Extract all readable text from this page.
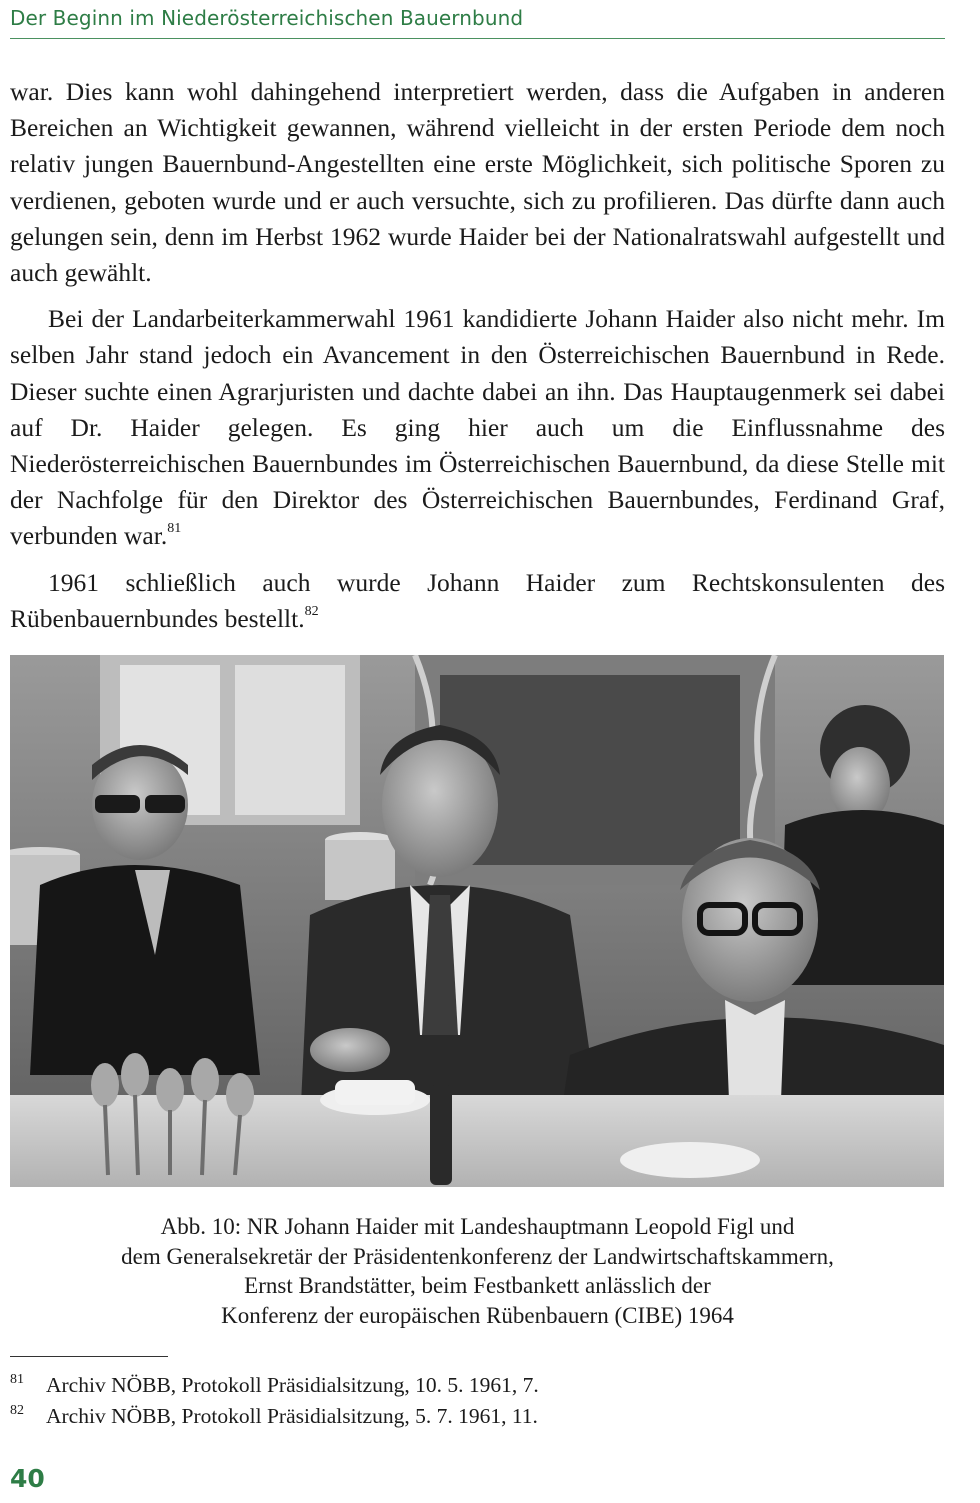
Der Beginn im Niederösterreichischen Bauernbund

war. Dies kann wohl dahingehend interpretiert werden, dass die Aufgaben in anderen Bereichen an Wichtigkeit gewannen, während vielleicht in der ersten Periode dem noch relativ jungen Bauernbund-Angestellten eine erste Möglichkeit, sich politische Sporen zu verdienen, geboten wurde und er auch versuchte, sich zu profilieren. Das dürfte dann auch gelungen sein, denn im Herbst 1962 wurde Haider bei der Nationalratswahl aufgestellt und auch gewählt.

Bei der Landarbeiterkammerwahl 1961 kandidierte Johann Haider also nicht mehr. Im selben Jahr stand jedoch ein Avancement in den Österreichischen Bauernbund in Rede. Dieser suchte einen Agrarjuristen und dachte dabei an ihn. Das Hauptaugenmerk sei dabei auf Dr. Haider gelegen. Es ging hier auch um die Einflussnahme des Niederösterreichischen Bauernbundes im Österreichischen Bauernbund, da diese Stelle mit der Nachfolge für den Direktor des Österreichischen Bauernbundes, Ferdinand Graf, verbunden war.$^{81}$

1961 schließlich auch wurde Johann Haider zum Rechtskonsulenten des Rübenbauernbundes bestellt.$^{82}$

Abb. 10: NR Johann Haider mit Landeshauptmann Leopold Figl und
dem Generalsekretär der Präsidentenkonferenz der Landwirtschaftskammern,
Ernst Brandstätter, beim Festbankett anlässlich der
Konferenz der europäischen Rübenbauern (CIBE) 1964
81 Archiv NÖBB, Protokoll Präsidialsitzung, 10. 5. 1961, 7.
82 Archiv NÖBB, Protokoll Präsidialsitzung, 5. 7. 1961, 11.
40
